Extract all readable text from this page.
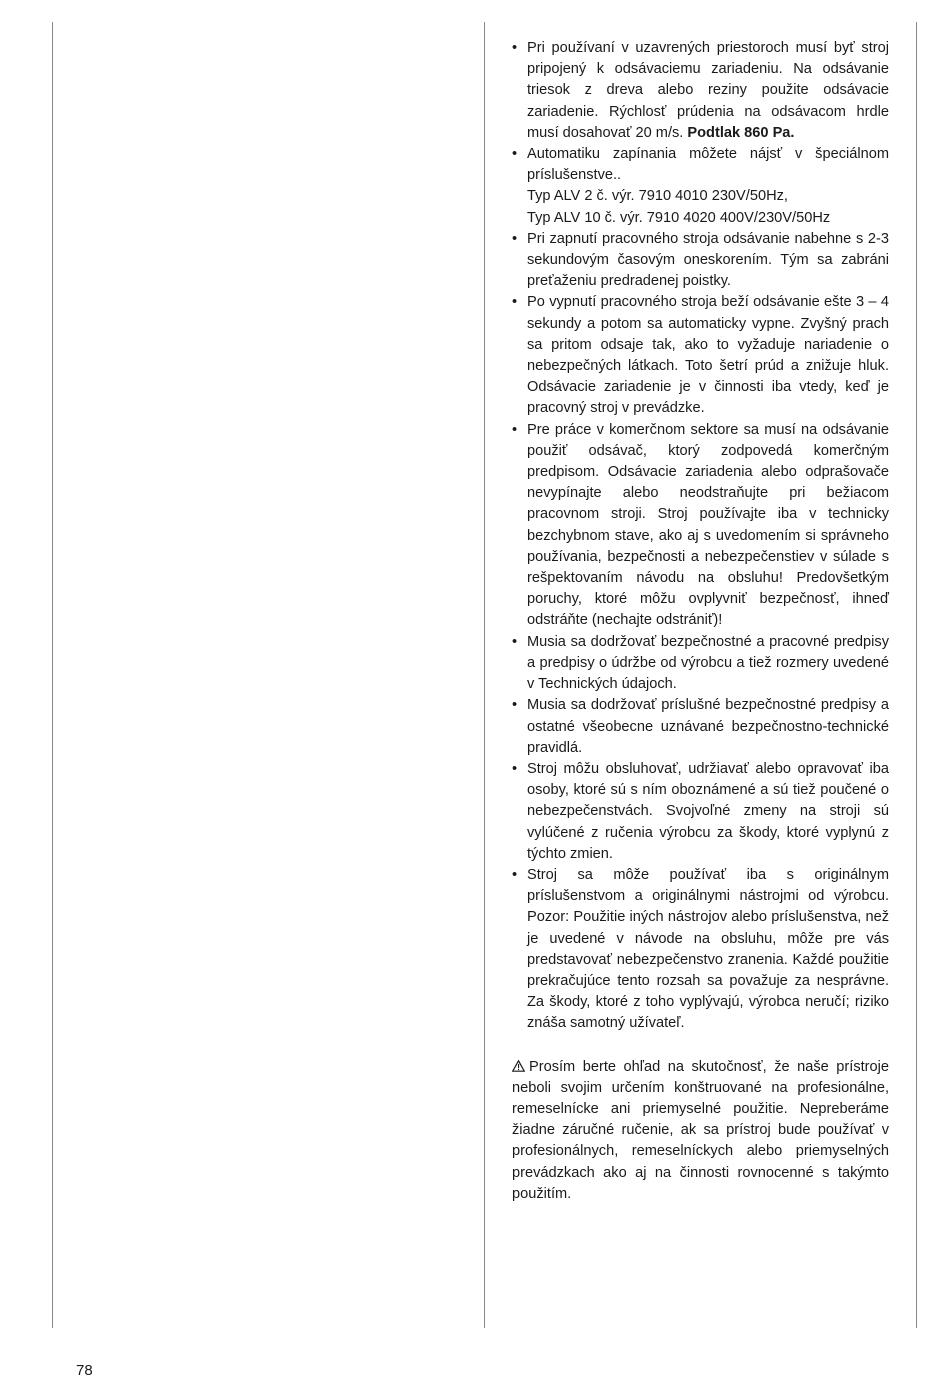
• Pri používaní v uzavrených priestoroch musí byť stroj pripojený k odsávaciemu zariadeniu. Na odsávanie triesok z dreva alebo reziny použite odsávacie zariadenie. Rýchlosť prúdenia na odsávacom hrdle musí dosahovať 20 m/s. Podtlak 860 Pa.
• Automatiku zapínania môžete nájsť v špeciálnom príslušenstve..
Typ ALV 2 č. výr. 7910 4010 230V/50Hz,
Typ ALV 10 č. výr. 7910 4020 400V/230V/50Hz
• Pri zapnutí pracovného stroja odsávanie nabehne s 2-3 sekundovým časovým oneskorením. Tým sa zabráni preťaženiu predradenej poistky.
• Po vypnutí pracovného stroja beží odsávanie ešte 3 – 4 sekundy a potom sa automaticky vypne. Zvyšný prach sa pritom odsaje tak, ako to vyžaduje nariadenie o nebezpečných látkach. Toto šetrí prúd a znižuje hluk. Odsávacie zariadenie je v činnosti iba vtedy, keď je pracovný stroj v prevádzke.
• Pre práce v komerčnom sektore sa musí na odsávanie použiť odsávač, ktorý zodpovedá komerčným predpisom. Odsávacie zariadenia alebo odprašovače nevypínajte alebo neodstraňujte pri bežiacom pracovnom stroji. Stroj používajte iba v technicky bezchybnom stave, ako aj s uvedomením si správneho používania, bezpečnosti a nebezpečenstiev v súlade s rešpektovaním návodu na obsluhu! Predovšetkým poruchy, ktoré môžu ovplyvniť bezpečnosť, ihneď odstráňte (nechajte odstrániť)!
• Musia sa dodržovať bezpečnostné a pracovné predpisy a predpisy o údržbe od výrobcu a tiež rozmery uvedené v Technických údajoch.
• Musia sa dodržovať príslušné bezpečnostné predpisy a ostatné všeobecne uznávané bezpečnostno-technické pravidlá.
• Stroj môžu obsluhovať, udržiavať alebo opravovať iba osoby, ktoré sú s ním oboznámené a sú tiež poučené o nebezpečenstvách. Svojvoľné zmeny na stroji sú vylúčené z ručenia výrobcu za škody, ktoré vyplynú z týchto zmien.
• Stroj sa môže používať iba s originálnym príslušenstvom a originálnymi nástrojmi od výrobcu. Pozor: Použitie iných nástrojov alebo príslušenstva, než je uvedené v návode na obsluhu, môže pre vás predstavovať nebezpečenstvo zranenia. Každé použitie prekračujúce tento rozsah sa považuje za nesprávne. Za škody, ktoré z toho vyplývajú, výrobca neručí; riziko znáša samotný užívateľ.
Prosím berte ohľad na skutočnosť, že naše prístroje neboli svojim určením konštruované na profesionálne, remeselnícke ani priemyselné použitie. Nepreberáme žiadne záručné ručenie, ak sa prístroj bude používať v profesionálnych, remeselníckych alebo priemyselných prevádzkach ako aj na činnosti rovnocenné s takýmto použitím.
78
